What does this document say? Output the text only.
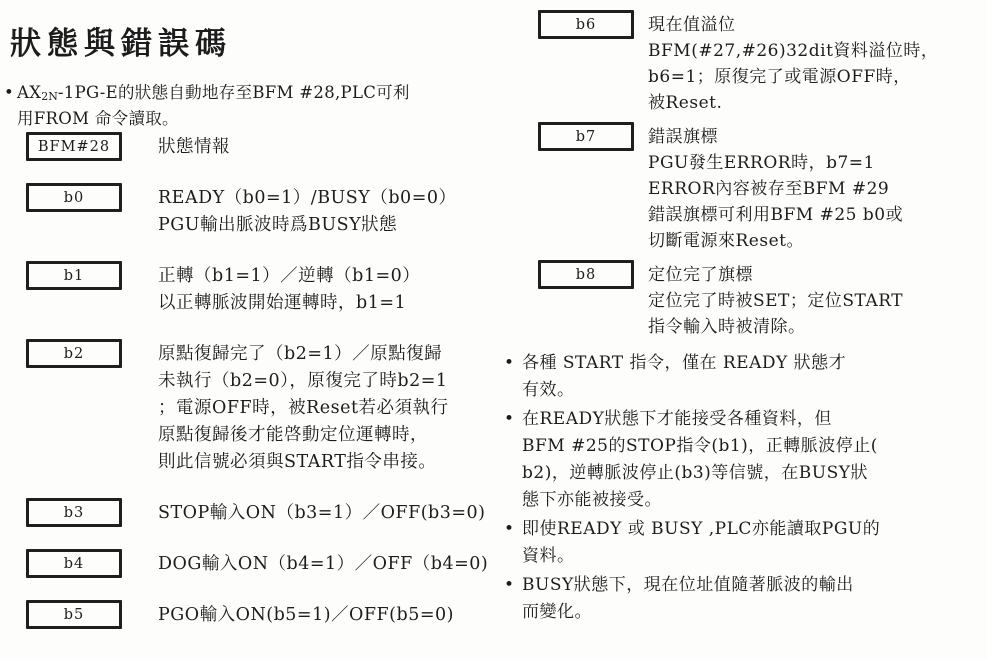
狀態與錯誤碼
• $AX_{2N}-1PG-E$的狀態自動地存至BFM #28,PLC可利
用FROM 命令讀取。
BFM#28	狀態情報
b0	READY（b0=1）/BUSY（b0=0）
PGU輸出脈波時爲BUSY狀態
b1	正轉（b1=1）／逆轉（b1=0）
以正轉脈波開始運轉時，b1=1
b2	原點復歸完了（b2=1）／原點復歸
未執行（b2=0），原復完了時b2=1
；電源OFF時，被Reset若必須執行
原點復歸後才能啓動定位運轉時，
則此信號必須與START指令串接。
b3	STOP輸入ON（b3=1）／OFF(b3=0)
b4	DOG輸入ON（b4=1）／OFF（b4=0)
b5	PGO輸入ON(b5=1)／OFF(b5=0)
b6	現在值溢位
BFM(#27,#26)32dit資料溢位時，
b6=1；原復完了或電源OFF時，
被Reset.
b7	錯誤旗標
PGU發生ERROR時，b7=1
ERROR內容被存至BFM #29
錯誤旗標可利用BFM #25 b0或
切斷電源來Reset。
b8	定位完了旗標
定位完了時被SET；定位START
指令輸入時被清除。
• 各種 START 指令，僅在 READY 狀態才
有效。
• 在READY狀態下才能接受各種資料，但
BFM #25的STOP指令(b1)，正轉脈波停止(
b2)，逆轉脈波停止(b3)等信號，在BUSY狀
態下亦能被接受。
• 即使READY 或 BUSY ,PLC亦能讀取PGU的
資料。
• BUSY狀態下，現在位址值隨著脈波的輸出
而變化。
